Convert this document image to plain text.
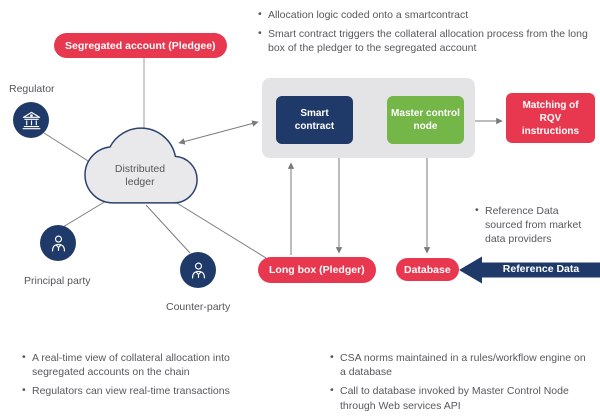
• Allocation logic coded onto a smartcontract
• Smart contract triggers the collateral allocation process from the long box of the pledger to the segregated account
Segregated account (Pledgee)
Regulator
Distributed ledger
Principal party
Counter-party
Smart contract
Master control node
Matching of RQV instructions
• Reference Data sourced from market data providers
Long box (Pledger)	Database	Reference Data
• A real-time view of collateral allocation into segregated accounts on the chain
• Regulators can view real-time transactions
• CSA norms maintained in a rules/workflow engine on a database
• Call to database invoked by Master Control Node through Web services API
